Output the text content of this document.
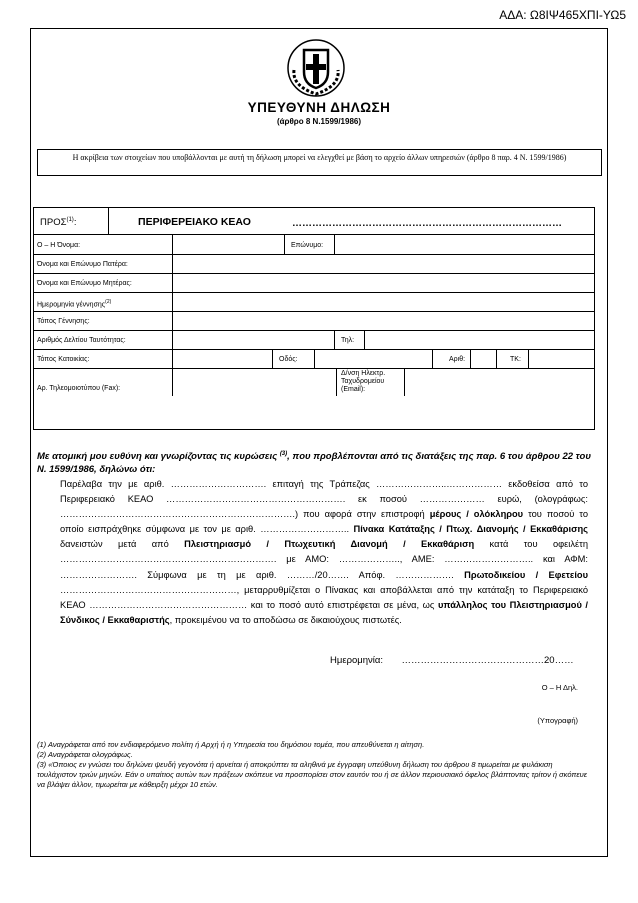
ΑΔΑ: Ω8ΙΨ465ΧΠΙ-ΥΩ5
ΥΠΕΥΘΥΝΗ ΔΗΛΩΣΗ
(άρθρο 8 Ν.1599/1986)
Η ακρίβεια των στοιχείων που υποβάλλονται με αυτή τη δήλωση μπορεί να ελεγχθεί με βάση το αρχείο άλλων υπηρεσιών (άρθρο 8 παρ. 4 Ν. 1599/1986)
ΠΡΟΣ$^{(1)}$:	ΠΕΡΙΦΕΡΕΙΑΚΟ ΚΕΑΟ	………………………………………………………………………
Ο – Η Όνομα:	Επώνυμο:
Όνομα και Επώνυμο Πατέρα:
Όνομα και Επώνυμο Μητέρας:
Ημερομηνία γέννησης$^{(2)}$
Τόπος Γέννησης:
Αριθμός Δελτίου Ταυτότητας:	Τηλ:
Τόπος Κατοικίας:	Οδός:	Αριθ:	ΤΚ:
Αρ. Τηλεομοιοτύπου (Fax):
Δ/νση Ηλεκτρ. Ταχυδρομείου (Email):
Με ατομική μου ευθύνη και γνωρίζοντας τις κυρώσεις $^{(3)}$, που προβλέπονται από τις διατάξεις της παρ. 6 του άρθρου 22 του Ν. 1599/1986, δηλώνω ότι:
Παρέλαβα την με αριθ. …………………………. επιταγή της Τράπεζας …………………..……………… εκδοθείσα από το Περιφερειακό ΚΕΑΟ …………………………………………………. εκ ποσού ………………… ευρώ, (ολογράφως: ………………………………………………………………….) που αφορά στην επιστροφή μέρους / ολόκληρου του ποσού το οποίο εισπράχθηκε σύμφωνα με τον με αριθ. ……………………….. Πίνακα Κατάταξης / Πτωχ. Διανομής / Εκκαθάρισης δανειστών μετά από Πλειστηριασμό / Πτωχευτική Διανομή / Εκκαθάριση κατά του οφειλέτη ……………………………………………………………. με ΑΜΟ: ……………….., ΑΜΕ: ……………………….. και ΑΦΜ: ……………………. Σύμφωνα με τη με αριθ. ………/20……. Απόφ. ………………. Πρωτοδικείου / Εφετείου …………………………………………………, μεταρρυθμίζεται ο Πίνακας και αποβάλλεται από την κατάταξη το Περιφερειακό ΚΕΑΟ …………………………………………… και το ποσό αυτό επιστρέφεται σε μένα, ως υπάλληλος του Πλειστηριασμού / Σύνδικος / Εκκαθαριστής, προκειμένου να το αποδώσω σε δικαιούχους πιστωτές.
Ημερομηνία: ………………………………………20……
Ο – Η Δηλ.
(Υπογραφή)
(1) Αναγράφεται από τον ενδιαφερόμενο πολίτη ή Αρχή ή η Υπηρεσία του δημόσιου τομέα, που απευθύνεται η αίτηση.
(2) Αναγράφεται ολογράφως.
(3) «Όποιος εν γνώσει του δηλώνει ψευδή γεγονότα ή αρνείται ή αποκρύπτει τα αληθινά με έγγραφη υπεύθυνη δήλωση του άρθρου 8 τιμωρείται με φυλάκιση τουλάχιστον τριών μηνών. Εάν ο υπαίτιος αυτών των πράξεων σκόπευε να προσπορίσει στον εαυτόν του ή σε άλλον περιουσιακό όφελος βλάπτοντας τρίτον ή σκόπευε να βλάψει άλλον, τιμωρείται με κάθειρξη μέχρι 10 ετών.
